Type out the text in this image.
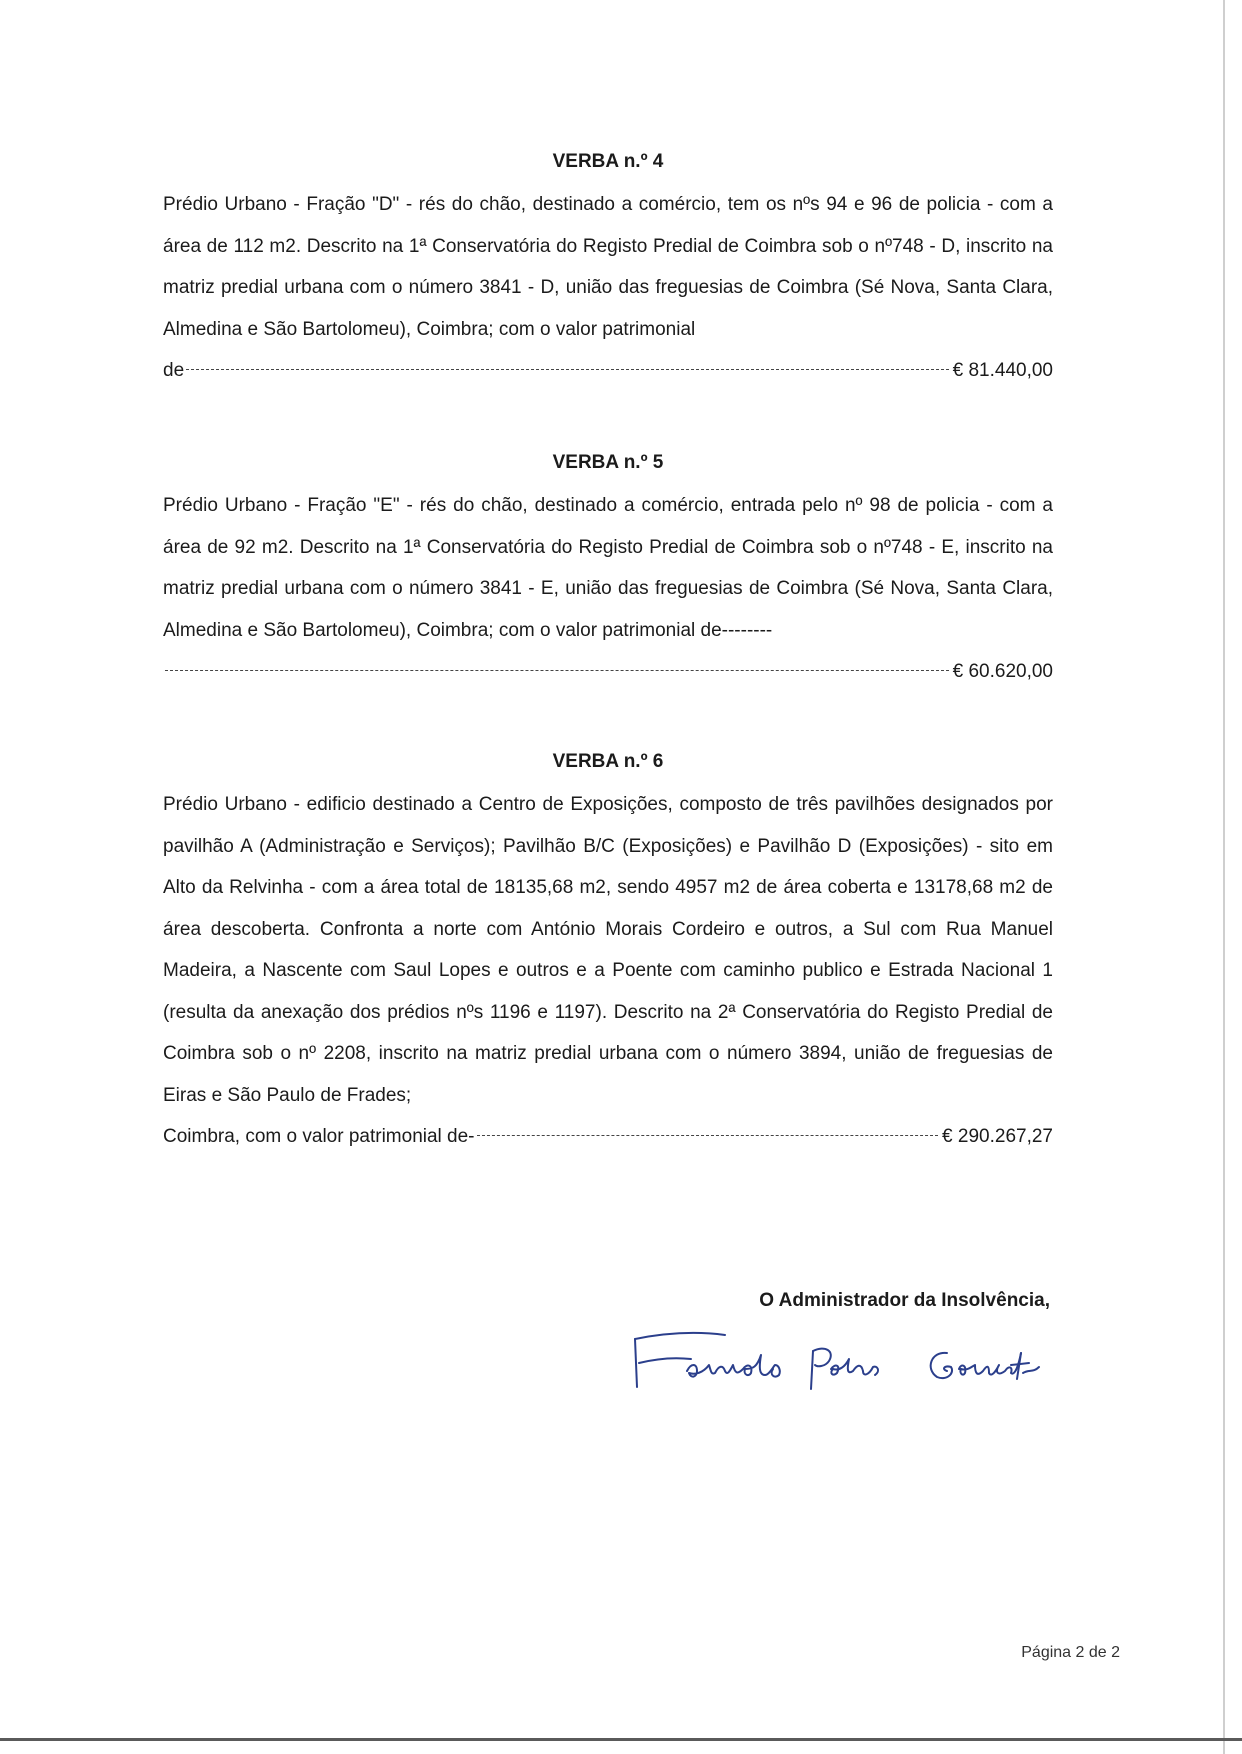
VERBA n.º 4

Prédio Urbano - Fração "D" - rés do chão, destinado a comércio, tem os nºs 94 e 96 de policia - com a área de 112 m2. Descrito na 1ª Conservatória do Registo Predial de Coimbra sob o nº748 - D, inscrito na matriz predial urbana com o número 3841 - D, união das freguesias de Coimbra (Sé Nova, Santa Clara, Almedina e São Bartolomeu), Coimbra; com o valor patrimonial

de	€ 81.440,00
VERBA n.º 5

Prédio Urbano - Fração "E" - rés do chão, destinado a comércio, entrada pelo nº 98 de policia - com a área de 92 m2. Descrito na 1ª Conservatória do Registo Predial de Coimbra sob o nº748 - E, inscrito na matriz predial urbana com o número 3841 - E, união das freguesias de Coimbra (Sé Nova, Santa Clara, Almedina e São Bartolomeu), Coimbra; com o valor patrimonial de--------

€ 60.620,00
VERBA n.º 6

Prédio Urbano - edificio destinado a Centro de Exposições, composto de três pavilhões designados por pavilhão A (Administração e Serviços); Pavilhão B/C (Exposições) e Pavilhão D (Exposições) - sito em Alto da Relvinha - com a área total de 18135,68 m2, sendo 4957 m2 de área coberta e 13178,68 m2 de área descoberta. Confronta a norte com António Morais Cordeiro e outros, a Sul com Rua Manuel Madeira, a Nascente com Saul Lopes e outros e a Poente com caminho publico e Estrada Nacional 1 (resulta da anexação dos prédios nºs 1196 e 1197). Descrito na 2ª Conservatória do Registo Predial de Coimbra sob o nº 2208, inscrito na matriz predial urbana com o número 3894, união de freguesias de Eiras e São Paulo de Frades;

Coimbra, com o valor patrimonial de-	€ 290.267,27
O Administrador da Insolvência,
Página 2 de 2
